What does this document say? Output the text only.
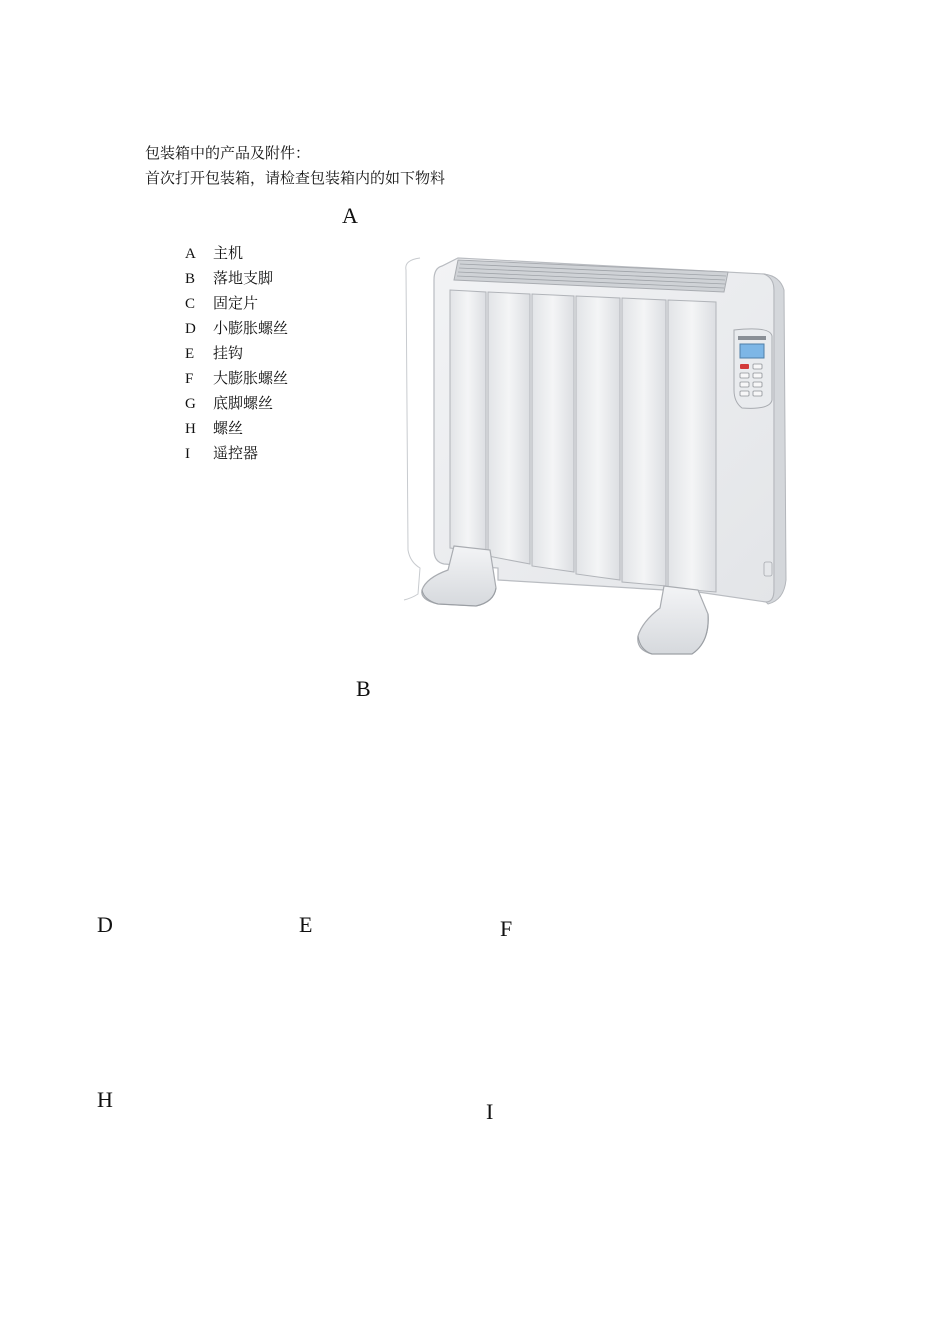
包装箱中的产品及附件：
首次打开包装箱，请检查包装箱内的如下物料
A
A 主机
B 落地支脚
C 固定片
D 小膨胀螺丝
E 挂钩
F 大膨胀螺丝
G 底脚螺丝
H 螺丝
I 遥控器
B
D	E	F
H	I
